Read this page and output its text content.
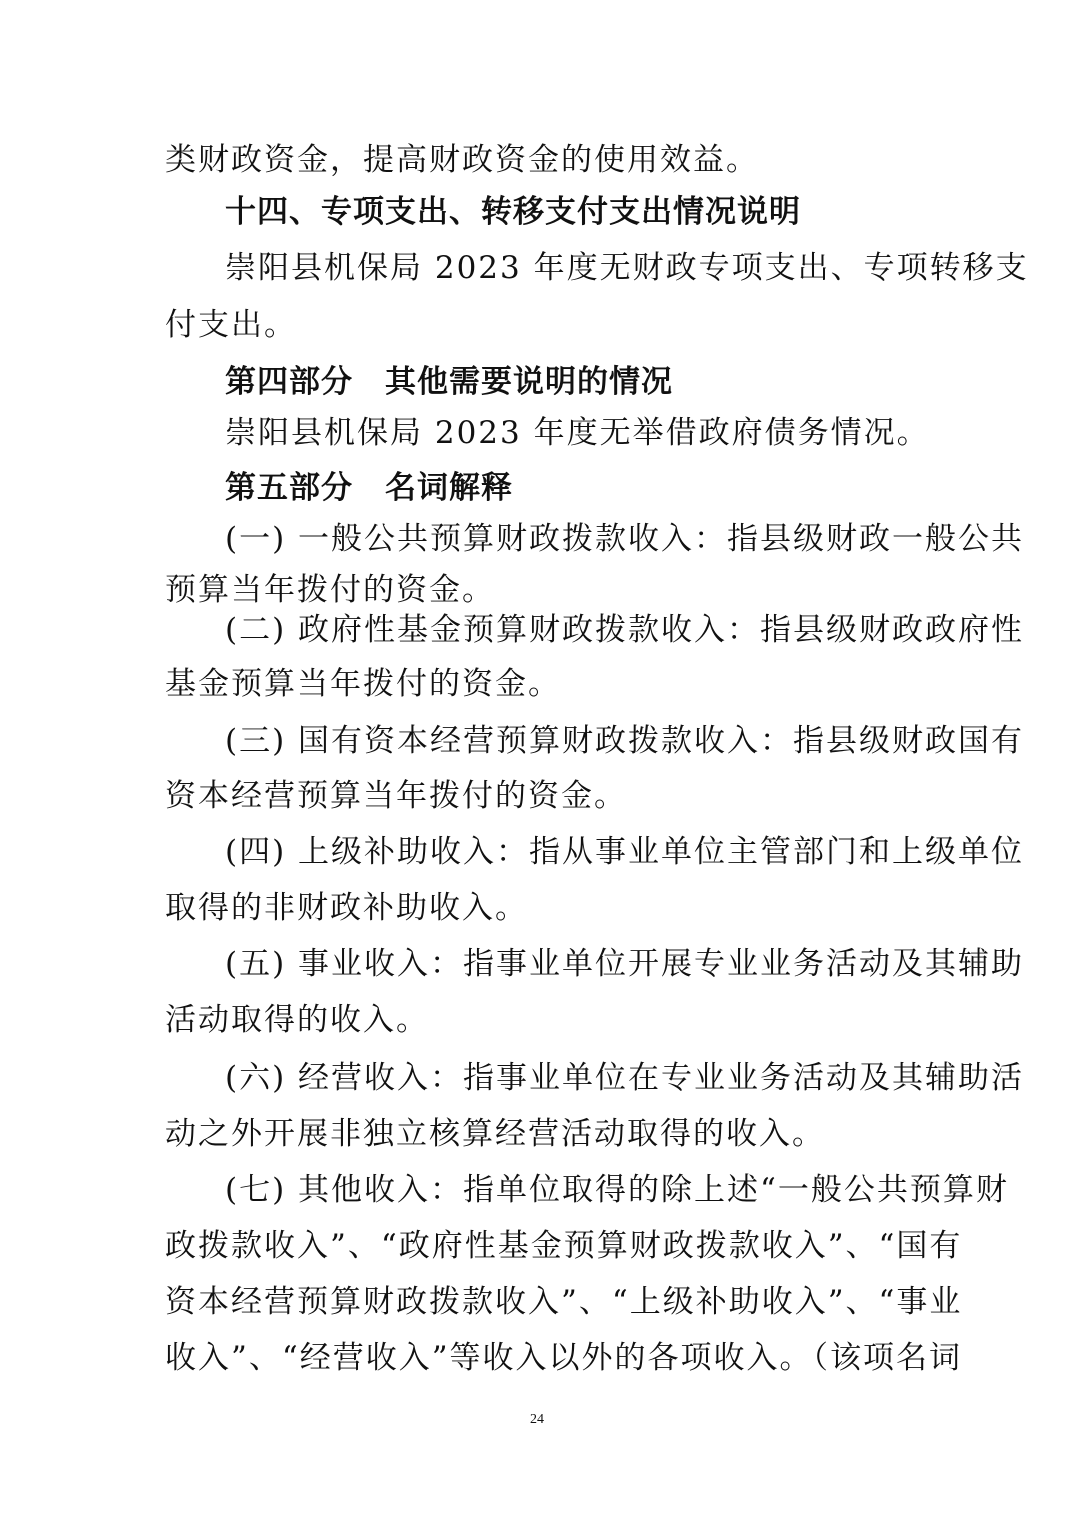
类财政资金，提高财政资金的使用效益。
十四、专项支出、转移支付支出情况说明
崇阳县机保局 2023 年度无财政专项支出、专项转移支
付支出。
第四部分　其他需要说明的情况
崇阳县机保局 2023 年度无举借政府债务情况。
第五部分　名词解释
(一) 一般公共预算财政拨款收入：指县级财政一般公共
预算当年拨付的资金。
(二) 政府性基金预算财政拨款收入：指县级财政政府性
基金预算当年拨付的资金。
(三) 国有资本经营预算财政拨款收入：指县级财政国有
资本经营预算当年拨付的资金。
(四) 上级补助收入：指从事业单位主管部门和上级单位
取得的非财政补助收入。
(五) 事业收入：指事业单位开展专业业务活动及其辅助
活动取得的收入。
(六) 经营收入：指事业单位在专业业务活动及其辅助活
动之外开展非独立核算经营活动取得的收入。
(七) 其他收入：指单位取得的除上述“一般公共预算财
政拨款收入”、“政府性基金预算财政拨款收入”、“国有
资本经营预算财政拨款收入”、“上级补助收入”、“事业
收入”、“经营收入”等收入以外的各项收入。（该项名词
24
